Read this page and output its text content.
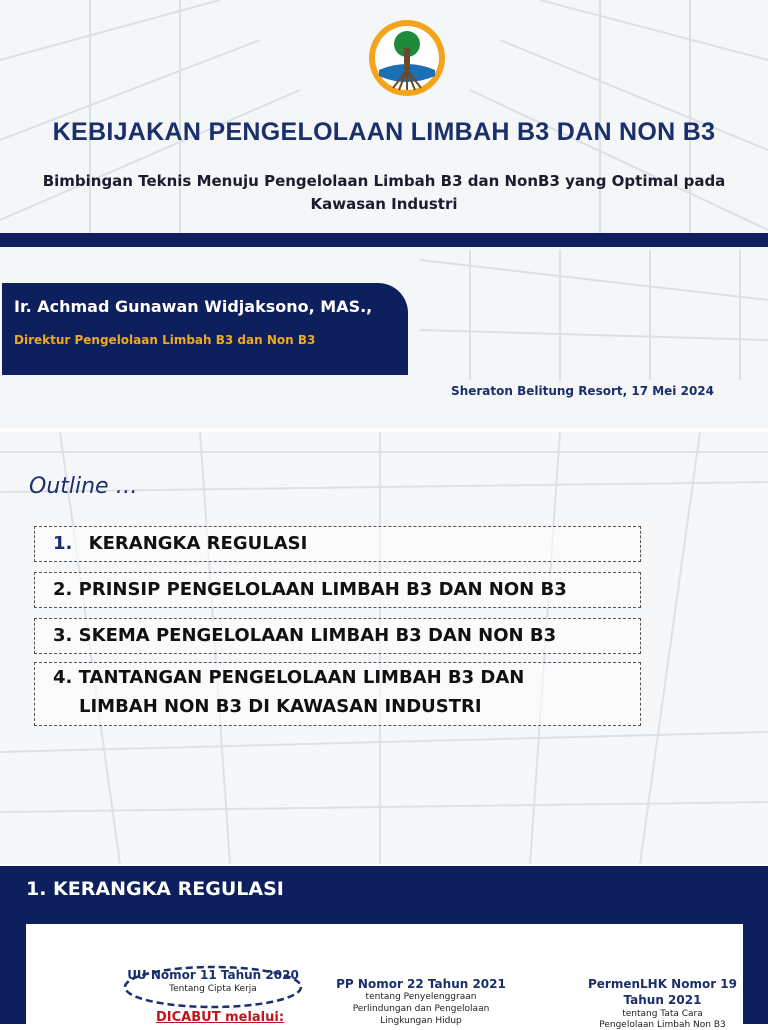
KEBIJAKAN PENGELOLAAN LIMBAH B3 DAN NON B3
Bimbingan Teknis Menuju Pengelolaan Limbah B3 dan NonB3 yang Optimal pada
Kawasan Industri
Ir. Achmad Gunawan Widjaksono, MAS.,
Direktur Pengelolaan Limbah B3 dan Non B3
Sheraton Belitung Resort, 17 Mei 2024
Outline …
1. KERANGKA REGULASI
2. PRINSIP PENGELOLAAN LIMBAH B3 DAN NON B3
3. SKEMA PENGELOLAAN LIMBAH B3 DAN NON B3
4. TANTANGAN PENGELOLAAN LIMBAH B3 DAN
LIMBAH NON B3 DI KAWASAN INDUSTRI
1. KERANGKA REGULASI
UU Nomor 11 Tahun 2020
Tentang Cipta Kerja
DICABUT melalui:
PP Nomor 22 Tahun 2021
tentang Penyelenggraan
Perlindungan dan Pengelolaan
Lingkungan Hidup
PermenLHK Nomor 19
Tahun 2021
tentang Tata Cara
Pengelolaan Limbah Non B3
